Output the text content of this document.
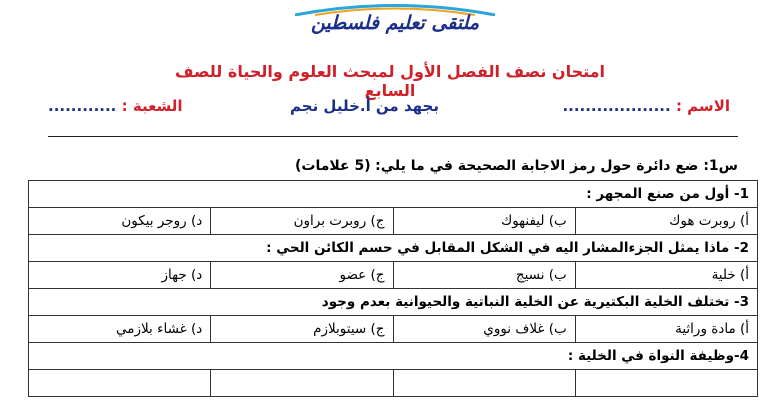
ملتقى تعليم فلسطين
امتحان نصف الفصل الأول لمبحث العلوم والحياة للصف السابع
الاسم : ...................
بجهد من أ.خليل نجم
الشعبة : ............
س1: ضع دائرة حول رمز الاجابة الصحيحة في ما يلي:
(5 علامات)
1- أول من صنع المجهر :			
أ) روبرت هوك	ب) ليفنهوك	ج) روبرت براون	د) روجر بيكون
2- ماذا يمثل الجزءالمشار اليه في الشكل المقابل في حسم الكائن الحي :			
أ) خلية	ب) نسيج	ج) عضو	د) جهاز
3- تختلف الخلية البكتيرية عن الخلية النباتية والحيوانية بعدم وجود			
أ) مادة وراثية	ب) غلاف نووي	ج) سيتوبلازم	د) غشاء بلازمي
4-وظيفة النواة في الخلية :			
